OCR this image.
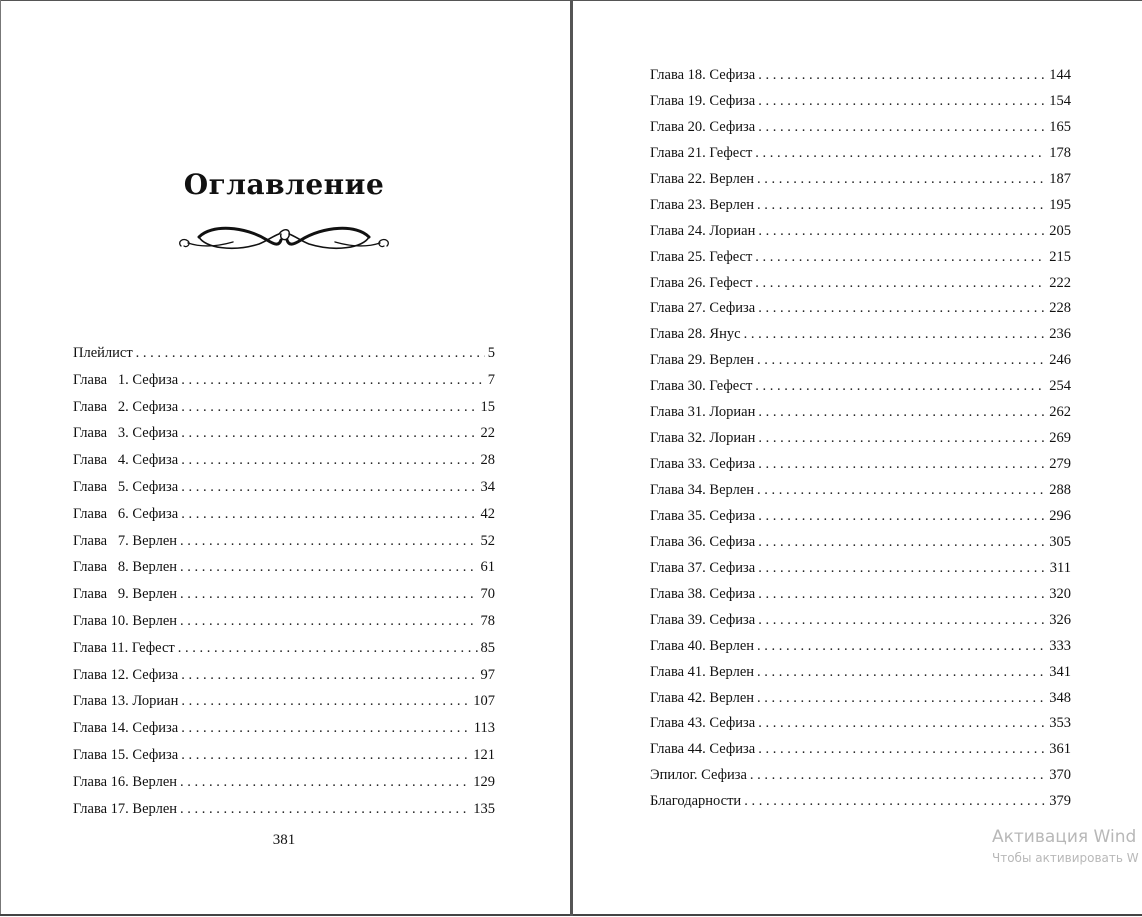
Оглавление
Плейлист . . .	5
Глава   1. Сефиза . . .	7
Глава   2. Сефиза . . .	15
Глава   3. Сефиза . . .	22
Глава   4. Сефиза . . .	28
Глава   5. Сефиза . . .	34
Глава   6. Сефиза . . .	42
Глава   7. Верлен . . .	52
Глава   8. Верлен . . .	61
Глава   9. Верлен . . .	70
Глава 10. Верлен . . .	78
Глава 11. Гефест . . .	85
Глава 12. Сефиза . . .	97
Глава 13. Лориан . . .	107
Глава 14. Сефиза . . .	113
Глава 15. Сефиза . . .	121
Глава 16. Верлен . . .	129
Глава 17. Верлен . . .	135
381
Глава 18. Сефиза . . .	144
Глава 19. Сефиза . . .	154
Глава 20. Сефиза . . .	165
Глава 21. Гефест . . .	178
Глава 22. Верлен . . .	187
Глава 23. Верлен . . .	195
Глава 24. Лориан . . .	205
Глава 25. Гефест . . .	215
Глава 26. Гефест . . .	222
Глава 27. Сефиза . . .	228
Глава 28. Янус . . .	236
Глава 29. Верлен . . .	246
Глава 30. Гефест . . .	254
Глава 31. Лориан . . .	262
Глава 32. Лориан . . .	269
Глава 33. Сефиза . . .	279
Глава 34. Верлен . . .	288
Глава 35. Сефиза . . .	296
Глава 36. Сефиза . . .	305
Глава 37. Сефиза . . .	311
Глава 38. Сефиза . . .	320
Глава 39. Сефиза . . .	326
Глава 40. Верлен . . .	333
Глава 41. Верлен . . .	341
Глава 42. Верлен . . .	348
Глава 43. Сефиза . . .	353
Глава 44. Сефиза . . .	361
Эпилог. Сефиза . . .	370
Благодарности . . .	379
Активация Wind
Чтобы активировать W
